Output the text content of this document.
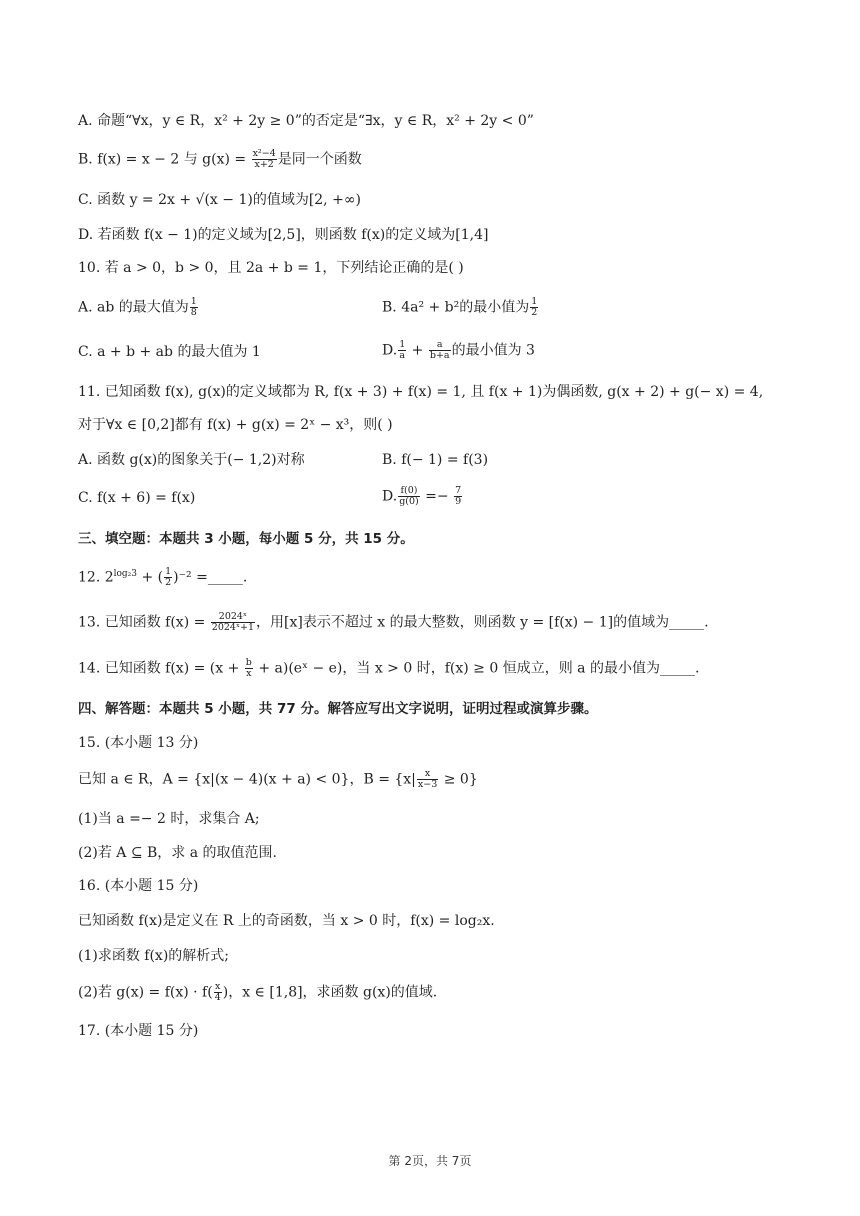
A. 命题“∀x，y ∈ R，x² + 2y ≥ 0”的否定是“∃x，y ∈ R，x² + 2y < 0”
B. f(x) = x − 2 与 $g(x) = \frac{\text{x²−4}}{x+2}$ 是同一个函数
C. 函数 y = 2x + √(x − 1)的值域为[2, +∞)
D. 若函数 f(x − 1)的定义域为[2,5]，则函数 f(x)的定义域为[1,4]
10. 若 a > 0，b > 0，且 2a + b = 1，下列结论正确的是( )
A. ab 的最大值为 $\frac{1}{8}$	B. 4a² + b²的最小值为 $\frac{1}{2}$
C. a + b + ab 的最大值为 1	D. $\frac{1}{a} + \frac{a}{b+a}$ 的最小值为 3
11. 已知函数 f(x), g(x)的定义域都为 R, f(x + 3) + f(x) = 1, 且 f(x + 1)为偶函数, g(x + 2) + g(− x) = 4,
对于∀x ∈ [0,2]都有 f(x) + g(x) = 2ˣ − x³，则( )
A. 函数 g(x)的图象关于(− 1,2)对称	B. f(− 1) = f(3)
C. f(x + 6) = f(x)	D. $\frac{f(0)}{g(0)} =- \frac{7}{9}$
三、填空题：本题共 3 小题，每小题 5 分，共 15 分。
12. $2^{log_23}$ + ( $\frac{1}{2} )^{-2}$ =_____.
13. 已知函数 $f(x) = \frac{\text{2024ˣ}}{\text{2024ˣ+1}}$ ，用[x]表示不超过 x 的最大整数，则函数 y = [f(x) − 1]的值域为_____.
14. 已知函数 $f(x) = (x + \frac{b}{x}$ + a)(eˣ − e)，当 x > 0 时，f(x) ≥ 0 恒成立，则 a 的最小值为_____.
四、解答题：本题共 5 小题，共 77 分。解答应写出文字说明，证明过程或演算步骤。
15. (本小题 13 分)
已知 a ∈ R，A = {x|(x − 4)(x + a) < 0}，$B = \{x| \frac{x}{x-3} \ge 0\}$
(1)当 a =− 2 时，求集合 A;
(2)若 A ⊆ B，求 a 的取值范围.
16. (本小题 15 分)
已知函数 f(x)是定义在 R 上的奇函数，当 x > 0 时，f(x) = log₂x.
(1)求函数 f(x)的解析式;
(2)若 $g(x) = f(x) \cdot f( \frac{x}{4}$ )，x ∈ [1,8]，求函数 g(x)的值域.
17. (本小题 15 分)
第 2页，共 7页
